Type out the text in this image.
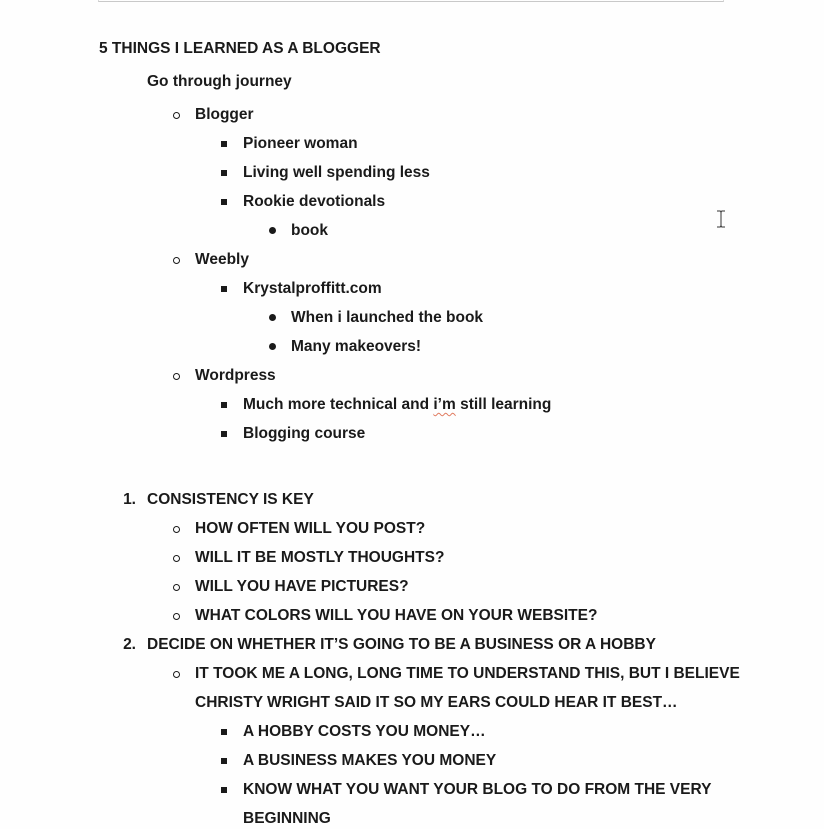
5 THINGS I LEARNED AS A BLOGGER
Go through journey
Blogger
Pioneer woman
Living well spending less
Rookie devotionals
book
Weebly
Krystalproffitt.com
When i launched the book
Many makeovers!
Wordpress
Much more technical and i’m still learning
Blogging course
1. CONSISTENCY IS KEY
HOW OFTEN WILL YOU POST?
WILL IT BE MOSTLY THOUGHTS?
WILL YOU HAVE PICTURES?
WHAT COLORS WILL YOU HAVE ON YOUR WEBSITE?
2. DECIDE ON WHETHER IT’S GOING TO BE A BUSINESS OR A HOBBY
IT TOOK ME A LONG, LONG TIME TO UNDERSTAND THIS, BUT I BELIEVE
CHRISTY WRIGHT SAID IT SO MY EARS COULD HEAR IT BEST…
A HOBBY COSTS YOU MONEY…
A BUSINESS MAKES YOU MONEY
KNOW WHAT YOU WANT YOUR BLOG TO DO FROM THE VERY
BEGINNING
